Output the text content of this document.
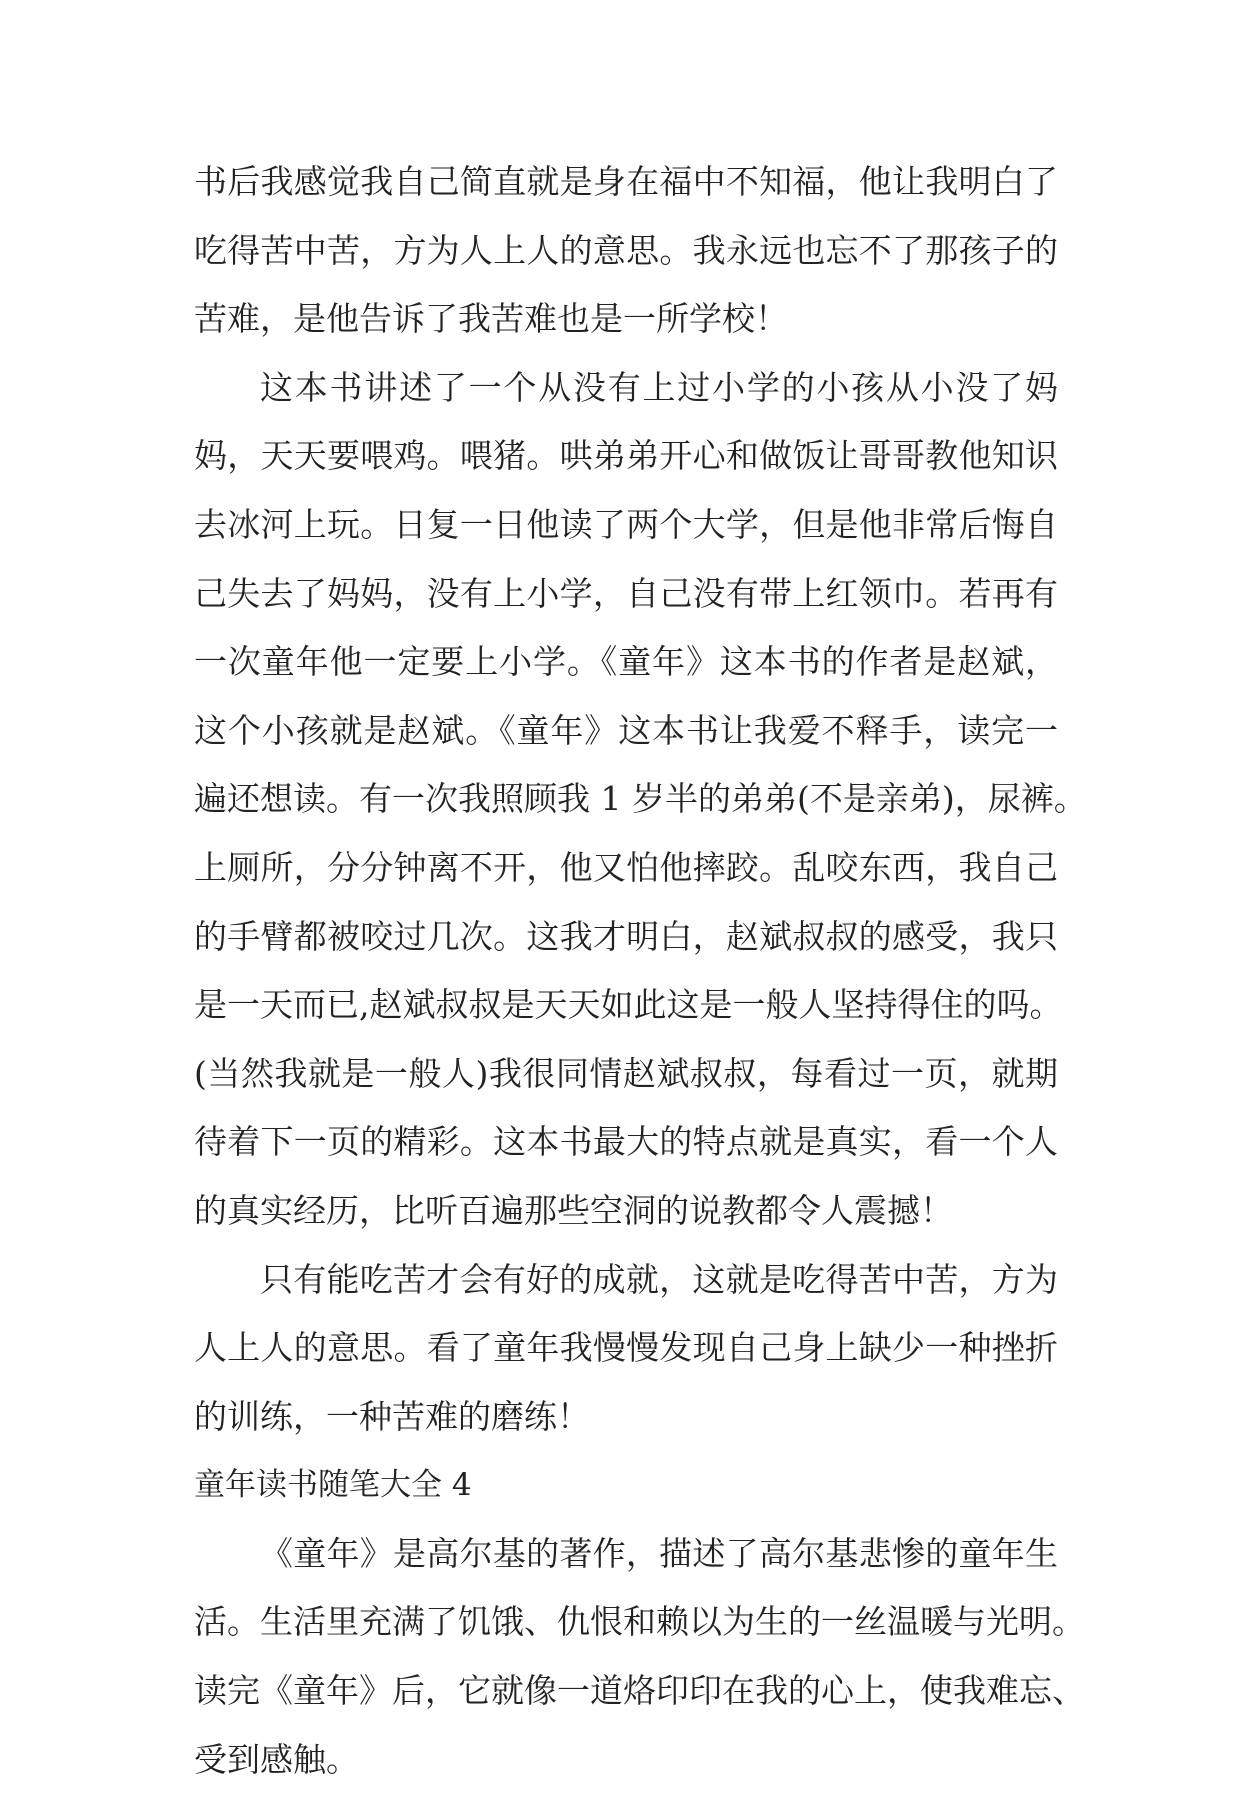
书后我感觉我自己简直就是身在福中不知福，他让我明白了
吃得苦中苦，方为人上人的意思。我永远也忘不了那孩子的
苦难，是他告诉了我苦难也是一所学校！
这本书讲述了一个从没有上过小学的小孩从小没了妈
妈，天天要喂鸡。喂猪。哄弟弟开心和做饭让哥哥教他知识
去冰河上玩。日复一日他读了两个大学，但是他非常后悔自
己失去了妈妈，没有上小学，自己没有带上红领巾。若再有
一次童年他一定要上小学。《童年》这本书的作者是赵斌，
这个小孩就是赵斌。《童年》这本书让我爱不释手，读完一
遍还想读。有一次我照顾我 1 岁半的弟弟(不是亲弟)，尿裤。
上厕所，分分钟离不开，他又怕他摔跤。乱咬东西，我自己
的手臂都被咬过几次。这我才明白，赵斌叔叔的感受，我只
是一天而已,赵斌叔叔是天天如此这是一般人坚持得住的吗。
(当然我就是一般人)我很同情赵斌叔叔，每看过一页，就期
待着下一页的精彩。这本书最大的特点就是真实，看一个人
的真实经历，比听百遍那些空洞的说教都令人震撼！
只有能吃苦才会有好的成就，这就是吃得苦中苦，方为
人上人的意思。看了童年我慢慢发现自己身上缺少一种挫折
的训练，一种苦难的磨练！
童年读书随笔大全 4
《童年》是高尔基的著作，描述了高尔基悲惨的童年生
活。生活里充满了饥饿、仇恨和赖以为生的一丝温暖与光明。
读完《童年》后，它就像一道烙印印在我的心上，使我难忘、
受到感触。
